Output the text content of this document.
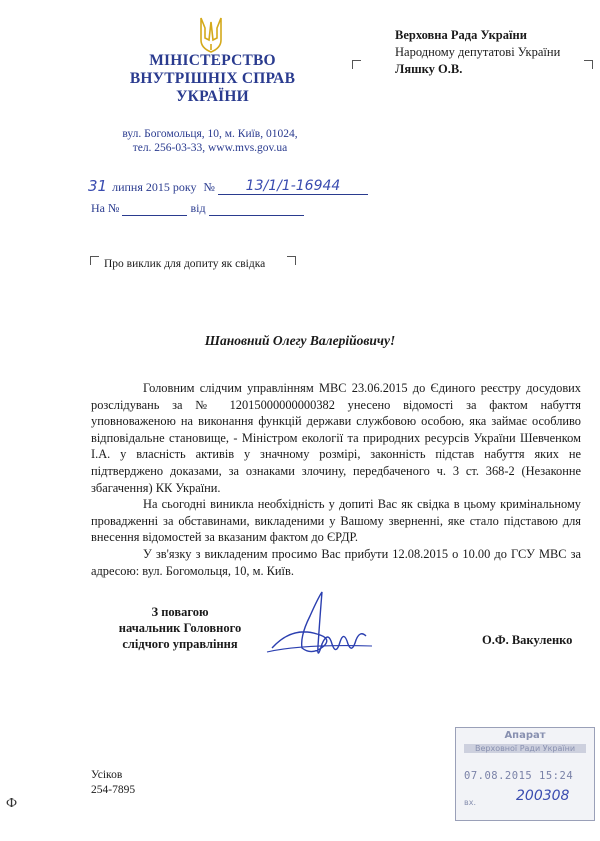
МІНІСТЕРСТВО
ВНУТРІШНІХ СПРАВ
УКРАЇНИ
вул. Богомольця, 10, м. Київ, 01024,
тел. 256-03-33, www.mvs.gov.ua
31 липня 2015 року № 13/1/1-16944
На №	від
Верховна Рада України
Народному депутатові України
Ляшку О.В.
Про виклик для допиту як свідка
Шановний Олегу Валерійовичу!

Головним слідчим управлінням МВС 23.06.2015 до Єдиного реєстру досудових розслідувань за № 12015000000000382 унесено відомості за фактом набуття уповноваженою на виконання функцій держави службовою особою, яка займає особливо відповідальне становище, - Міністром екології та природних ресурсів України Шевченком І.А. у власність активів у значному розмірі, законність підстав набуття яких не підтверджено доказами, за ознаками злочину, передбаченого ч. 3 ст. 368-2 (Незаконне збагачення) КК України.

На сьогодні виникла необхідність у допиті Вас як свідка в цьому кримінальному провадженні за обставинами, викладеними у Вашому зверненні, яке стало підставою для внесення відомостей за вказаним фактом до ЄРДР.

У зв'язку з викладеним просимо Вас прибути 12.08.2015 о 10.00 до ГСУ МВС за адресою: вул. Богомольця, 10, м. Київ.

З повагою
начальник Головного
слідчого управління	О.Ф. Вакуленко
Усіков
254-7895
Апарат
Верховної Ради України
07.08.2015 15:24
вх.	200308
Ф
